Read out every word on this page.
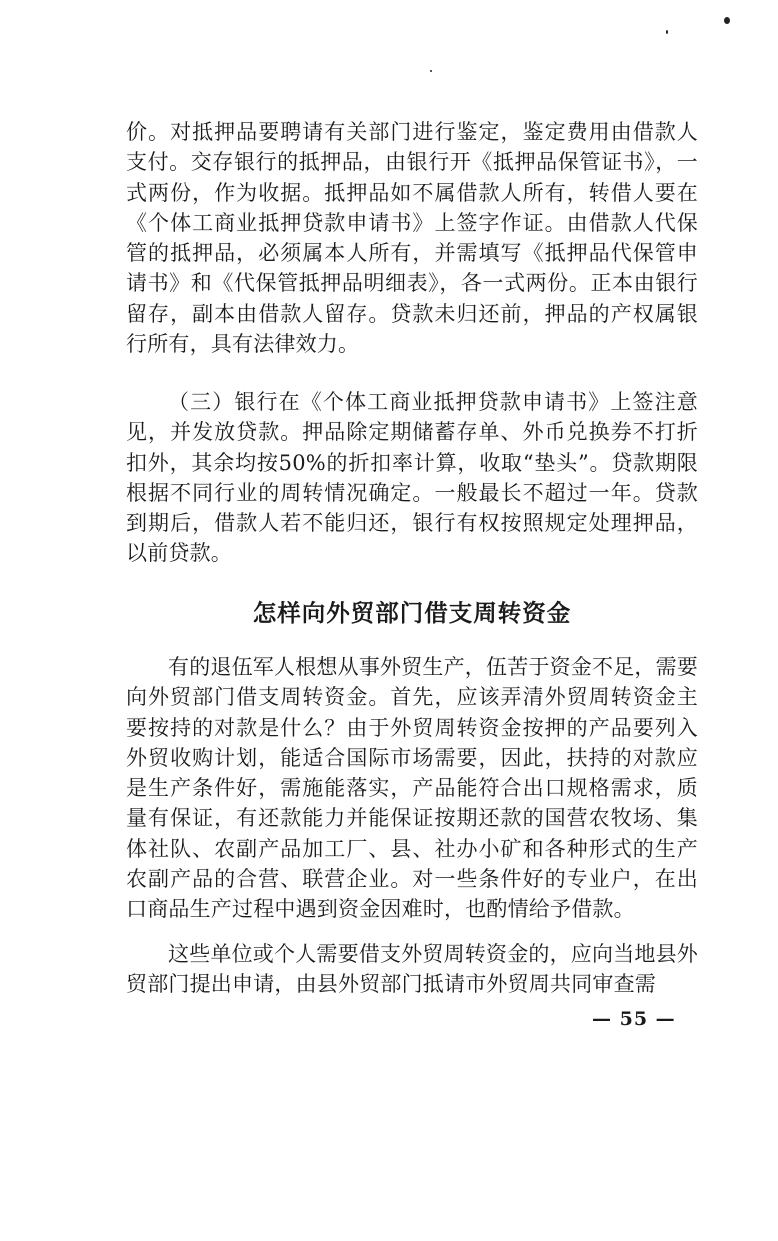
价。对抵押品要聘请有关部门进行鉴定，鉴定费用由借款人支付。交存银行的抵押品，由银行开《抵押品保管证书》，一式两份，作为收据。抵押品如不属借款人所有，转借人要在《个体工商业抵押贷款申请书》上签字作证。由借款人代保管的抵押品，必须属本人所有，并需填写《抵押品代保管申请书》和《代保管抵押品明细表》，各一式两份。正本由银行留存，副本由借款人留存。贷款未归还前，押品的产权属银行所有，具有法律效力。

（三）银行在《个体工商业抵押贷款申请书》上签注意见，并发放贷款。押品除定期储蓄存单、外币兑换券不打折扣外，其余均按50%的折扣率计算，收取“垫头”。贷款期限根据不同行业的周转情况确定。一般最长不超过一年。贷款到期后，借款人若不能归还，银行有权按照规定处理押品，以前贷款。

怎样向外贸部门借支周转资金

有的退伍军人根想从事外贸生产，伍苦于资金不足，需要向外贸部门借支周转资金。首先，应该弄清外贸周转资金主要按持的对款是什么？由于外贸周转资金按押的产品要列入外贸收购计划，能适合国际市场需要，因此，扶持的对款应是生产条件好，需施能落实，产品能符合出口规格需求，质量有保证，有还款能力并能保证按期还款的国营农牧场、集体社队、农副产品加工厂、县、社办小矿和各种形式的生产农副产品的合营、联营企业。对一些条件好的专业户，在出口商品生产过程中遇到资金因难时，也酌情给予借款。

这些单位或个人需要借支外贸周转资金的，应向当地县外贸部门提出申请，由县外贸部门抵请市外贸周共同审查需

— 55 —
